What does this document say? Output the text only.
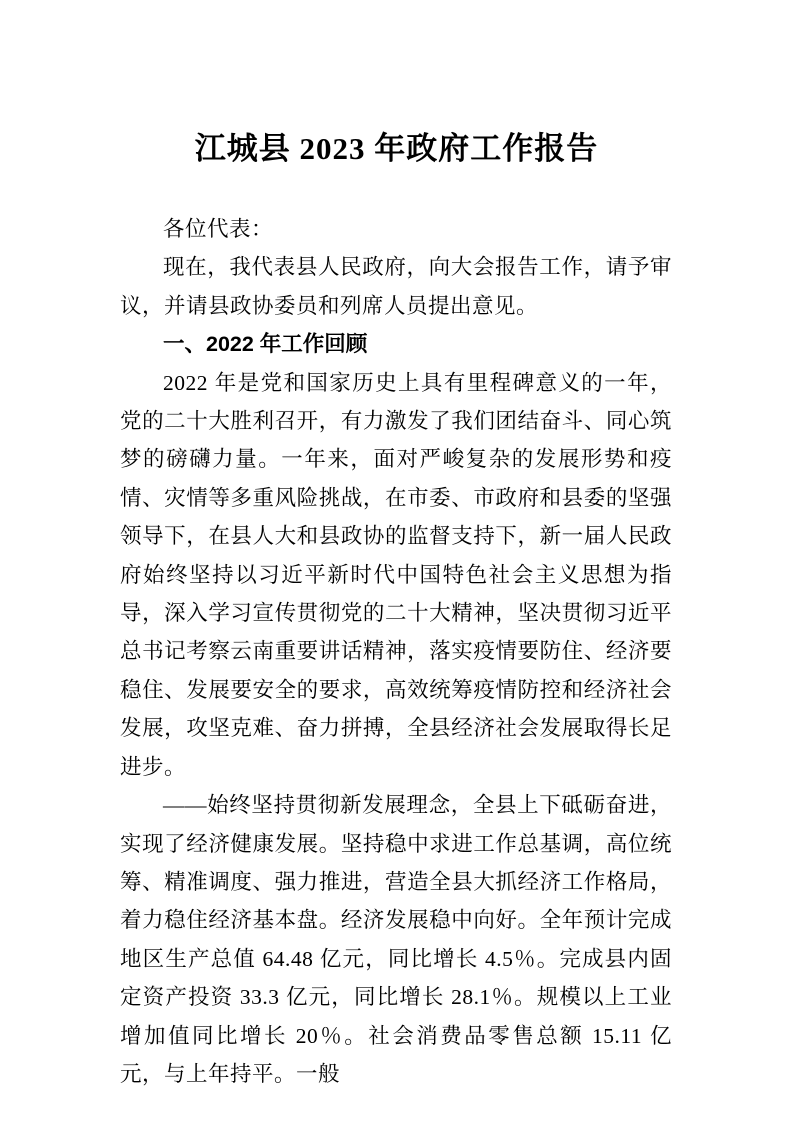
江城县 2023 年政府工作报告

各位代表：

现在，我代表县人民政府，向大会报告工作，请予审议，并请县政协委员和列席人员提出意见。

一、2022 年工作回顾

2022 年是党和国家历史上具有里程碑意义的一年，党的二十大胜利召开，有力激发了我们团结奋斗、同心筑梦的磅礴力量。一年来，面对严峻复杂的发展形势和疫情、灾情等多重风险挑战，在市委、市政府和县委的坚强领导下，在县人大和县政协的监督支持下，新一届人民政府始终坚持以习近平新时代中国特色社会主义思想为指导，深入学习宣传贯彻党的二十大精神，坚决贯彻习近平总书记考察云南重要讲话精神，落实疫情要防住、经济要稳住、发展要安全的要求，高效统筹疫情防控和经济社会发展，攻坚克难、奋力拼搏，全县经济社会发展取得长足进步。

——始终坚持贯彻新发展理念，全县上下砥砺奋进，实现了经济健康发展。坚持稳中求进工作总基调，高位统筹、精准调度、强力推进，营造全县大抓经济工作格局，着力稳住经济基本盘。经济发展稳中向好。全年预计完成地区生产总值 64.48 亿元，同比增长 4.5％。完成县内固定资产投资 33.3 亿元，同比增长 28.1％。规模以上工业增加值同比增长 20％。社会消费品零售总额 15.11 亿元，与上年持平。一般
